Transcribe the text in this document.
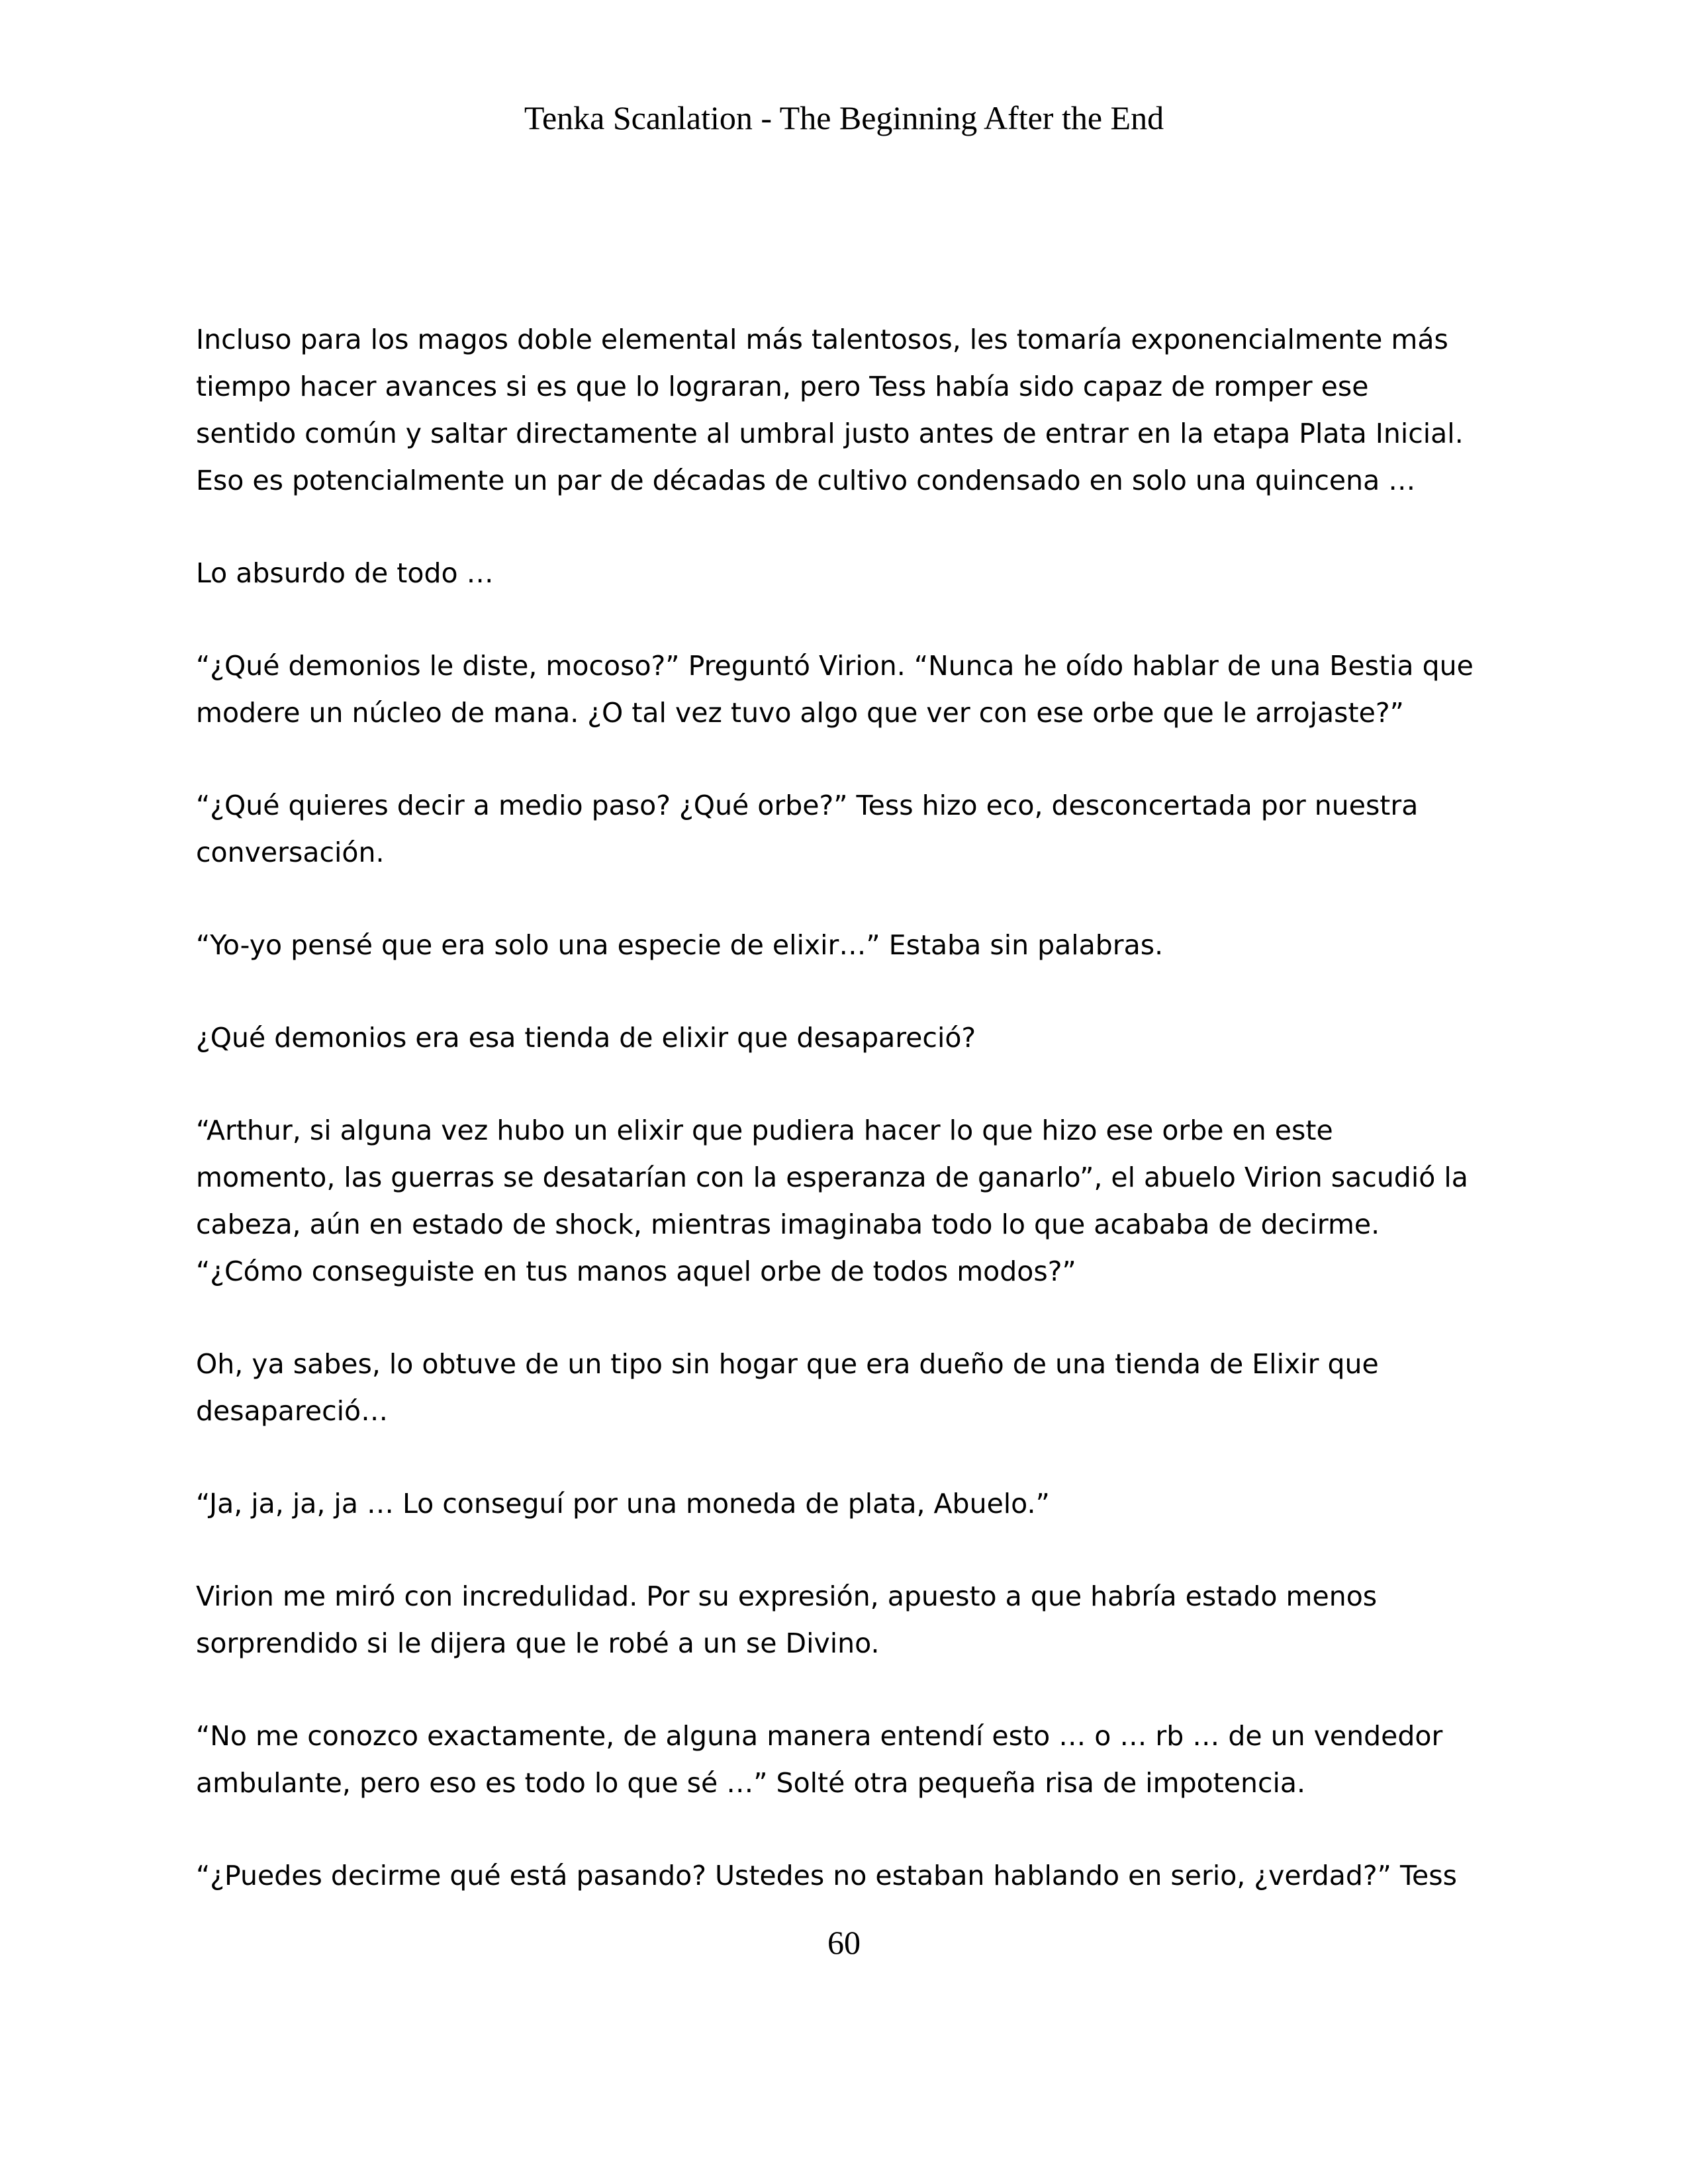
Tenka Scanlation - The Beginning After the End

Incluso para los magos doble elemental más talentosos, les tomaría exponencialmente más tiempo hacer avances si es que lo lograran, pero Tess había sido capaz de romper ese sentido común y saltar directamente al umbral justo antes de entrar en la etapa Plata Inicial. Eso es potencialmente un par de décadas de cultivo condensado en solo una quincena …

Lo absurdo de todo …

“¿Qué demonios le diste, mocoso?” Preguntó Virion. “Nunca he oído hablar de una Bestia que modere un núcleo de mana. ¿O tal vez tuvo algo que ver con ese orbe que le arrojaste?”

“¿Qué quieres decir a medio paso? ¿Qué orbe?” Tess hizo eco, desconcertada por nuestra conversación.

“Yo-yo pensé que era solo una especie de elixir…” Estaba sin palabras.

¿Qué demonios era esa tienda de elixir que desapareció?

“Arthur, si alguna vez hubo un elixir que pudiera hacer lo que hizo ese orbe en este momento, las guerras se desatarían con la esperanza de ganarlo”, el abuelo Virion sacudió la cabeza, aún en estado de shock, mientras imaginaba todo lo que acababa de decirme. “¿Cómo conseguiste en tus manos aquel orbe de todos modos?”

Oh, ya sabes, lo obtuve de un tipo sin hogar que era dueño de una tienda de Elixir que desapareció…

“Ja, ja, ja, ja … Lo conseguí por una moneda de plata, Abuelo.”

Virion me miró con incredulidad. Por su expresión, apuesto a que habría estado menos sorprendido si le dijera que le robé a un se Divino.

“No me conozco exactamente, de alguna manera entendí esto … o … rb … de un vendedor ambulante, pero eso es todo lo que sé …” Solté otra pequeña risa de impotencia.

“¿Puedes decirme qué está pasando? Ustedes no estaban hablando en serio, ¿verdad?” Tess

60
